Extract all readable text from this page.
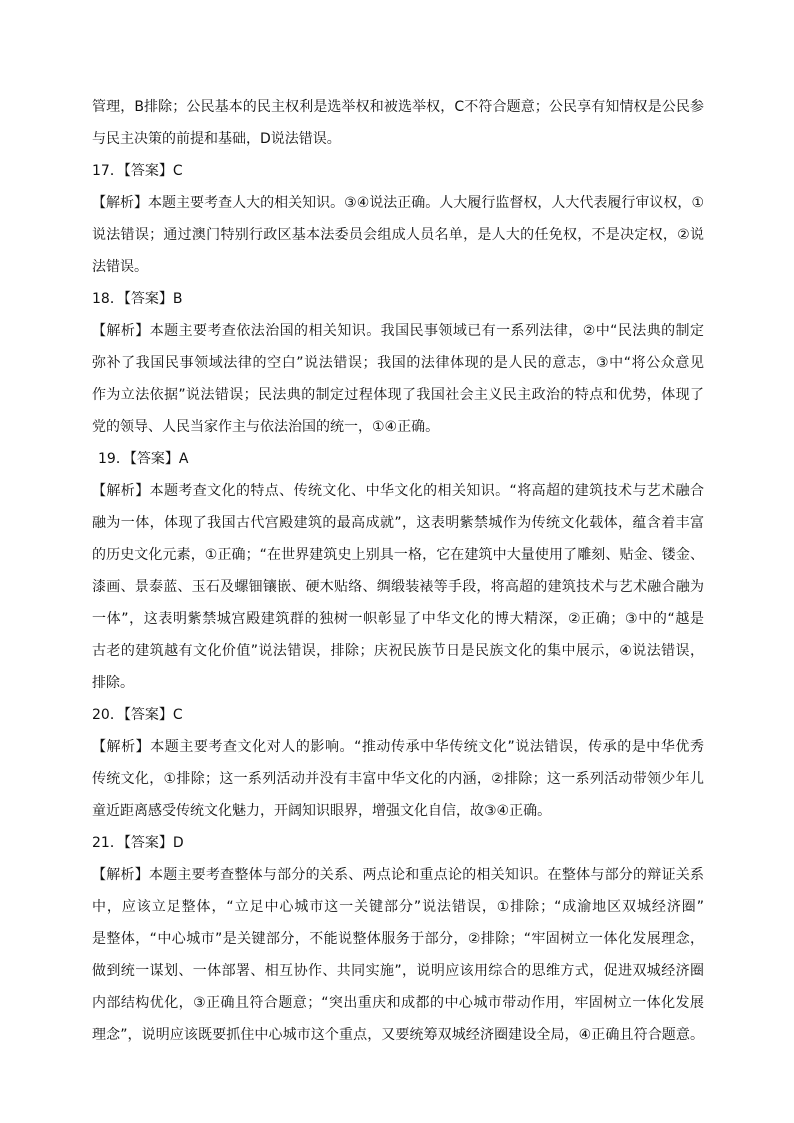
管理，B排除；公民基本的民主权利是选举权和被选举权，C不符合题意；公民享有知情权是公民参
与民主决策的前提和基础，D说法错误。
17．【答案】C
【解析】本题主要考查人大的相关知识。③④说法正确。人大履行监督权，人大代表履行审议权，①
说法错误；通过澳门特别行政区基本法委员会组成人员名单，是人大的任免权，不是决定权，②说
法错误。
18．【答案】B
【解析】本题主要考查依法治国的相关知识。我国民事领域已有一系列法律，②中“民法典的制定
弥补了我国民事领域法律的空白”说法错误；我国的法律体现的是人民的意志，③中“将公众意见
作为立法依据”说法错误；民法典的制定过程体现了我国社会主义民主政治的特点和优势，体现了
党的领导、人民当家作主与依法治国的统一，①④正确。
19．【答案】A
【解析】本题考查文化的特点、传统文化、中华文化的相关知识。“将高超的建筑技术与艺术融合
融为一体，体现了我国古代宫殿建筑的最高成就”，这表明紫禁城作为传统文化载体，蕴含着丰富
的历史文化元素，①正确；“在世界建筑史上别具一格，它在建筑中大量使用了雕刻、贴金、镂金、
漆画、景泰蓝、玉石及螺钿镶嵌、硬木贴络、绸缎装裱等手段，将高超的建筑技术与艺术融合融为
一体”，这表明紫禁城宫殿建筑群的独树一帜彰显了中华文化的博大精深，②正确；③中的“越是
古老的建筑越有文化价值”说法错误，排除；庆祝民族节日是民族文化的集中展示，④说法错误，
排除。
20．【答案】C
【解析】本题主要考查文化对人的影响。“推动传承中华传统文化”说法错误，传承的是中华优秀
传统文化，①排除；这一系列活动并没有丰富中华文化的内涵，②排除；这一系列活动带领少年儿
童近距离感受传统文化魅力，开阔知识眼界，增强文化自信，故③④正确。
21．【答案】D
【解析】本题主要考查整体与部分的关系、两点论和重点论的相关知识。在整体与部分的辩证关系
中，应该立足整体，“立足中心城市这一关键部分”说法错误，①排除；“成渝地区双城经济圈”
是整体，“中心城市”是关键部分，不能说整体服务于部分，②排除；“牢固树立一体化发展理念，
做到统一谋划、一体部署、相互协作、共同实施”，说明应该用综合的思维方式，促进双城经济圈
内部结构优化，③正确且符合题意；“突出重庆和成都的中心城市带动作用，牢固树立一体化发展
理念”，说明应该既要抓住中心城市这个重点，又要统筹双城经济圈建设全局，④正确且符合题意。
